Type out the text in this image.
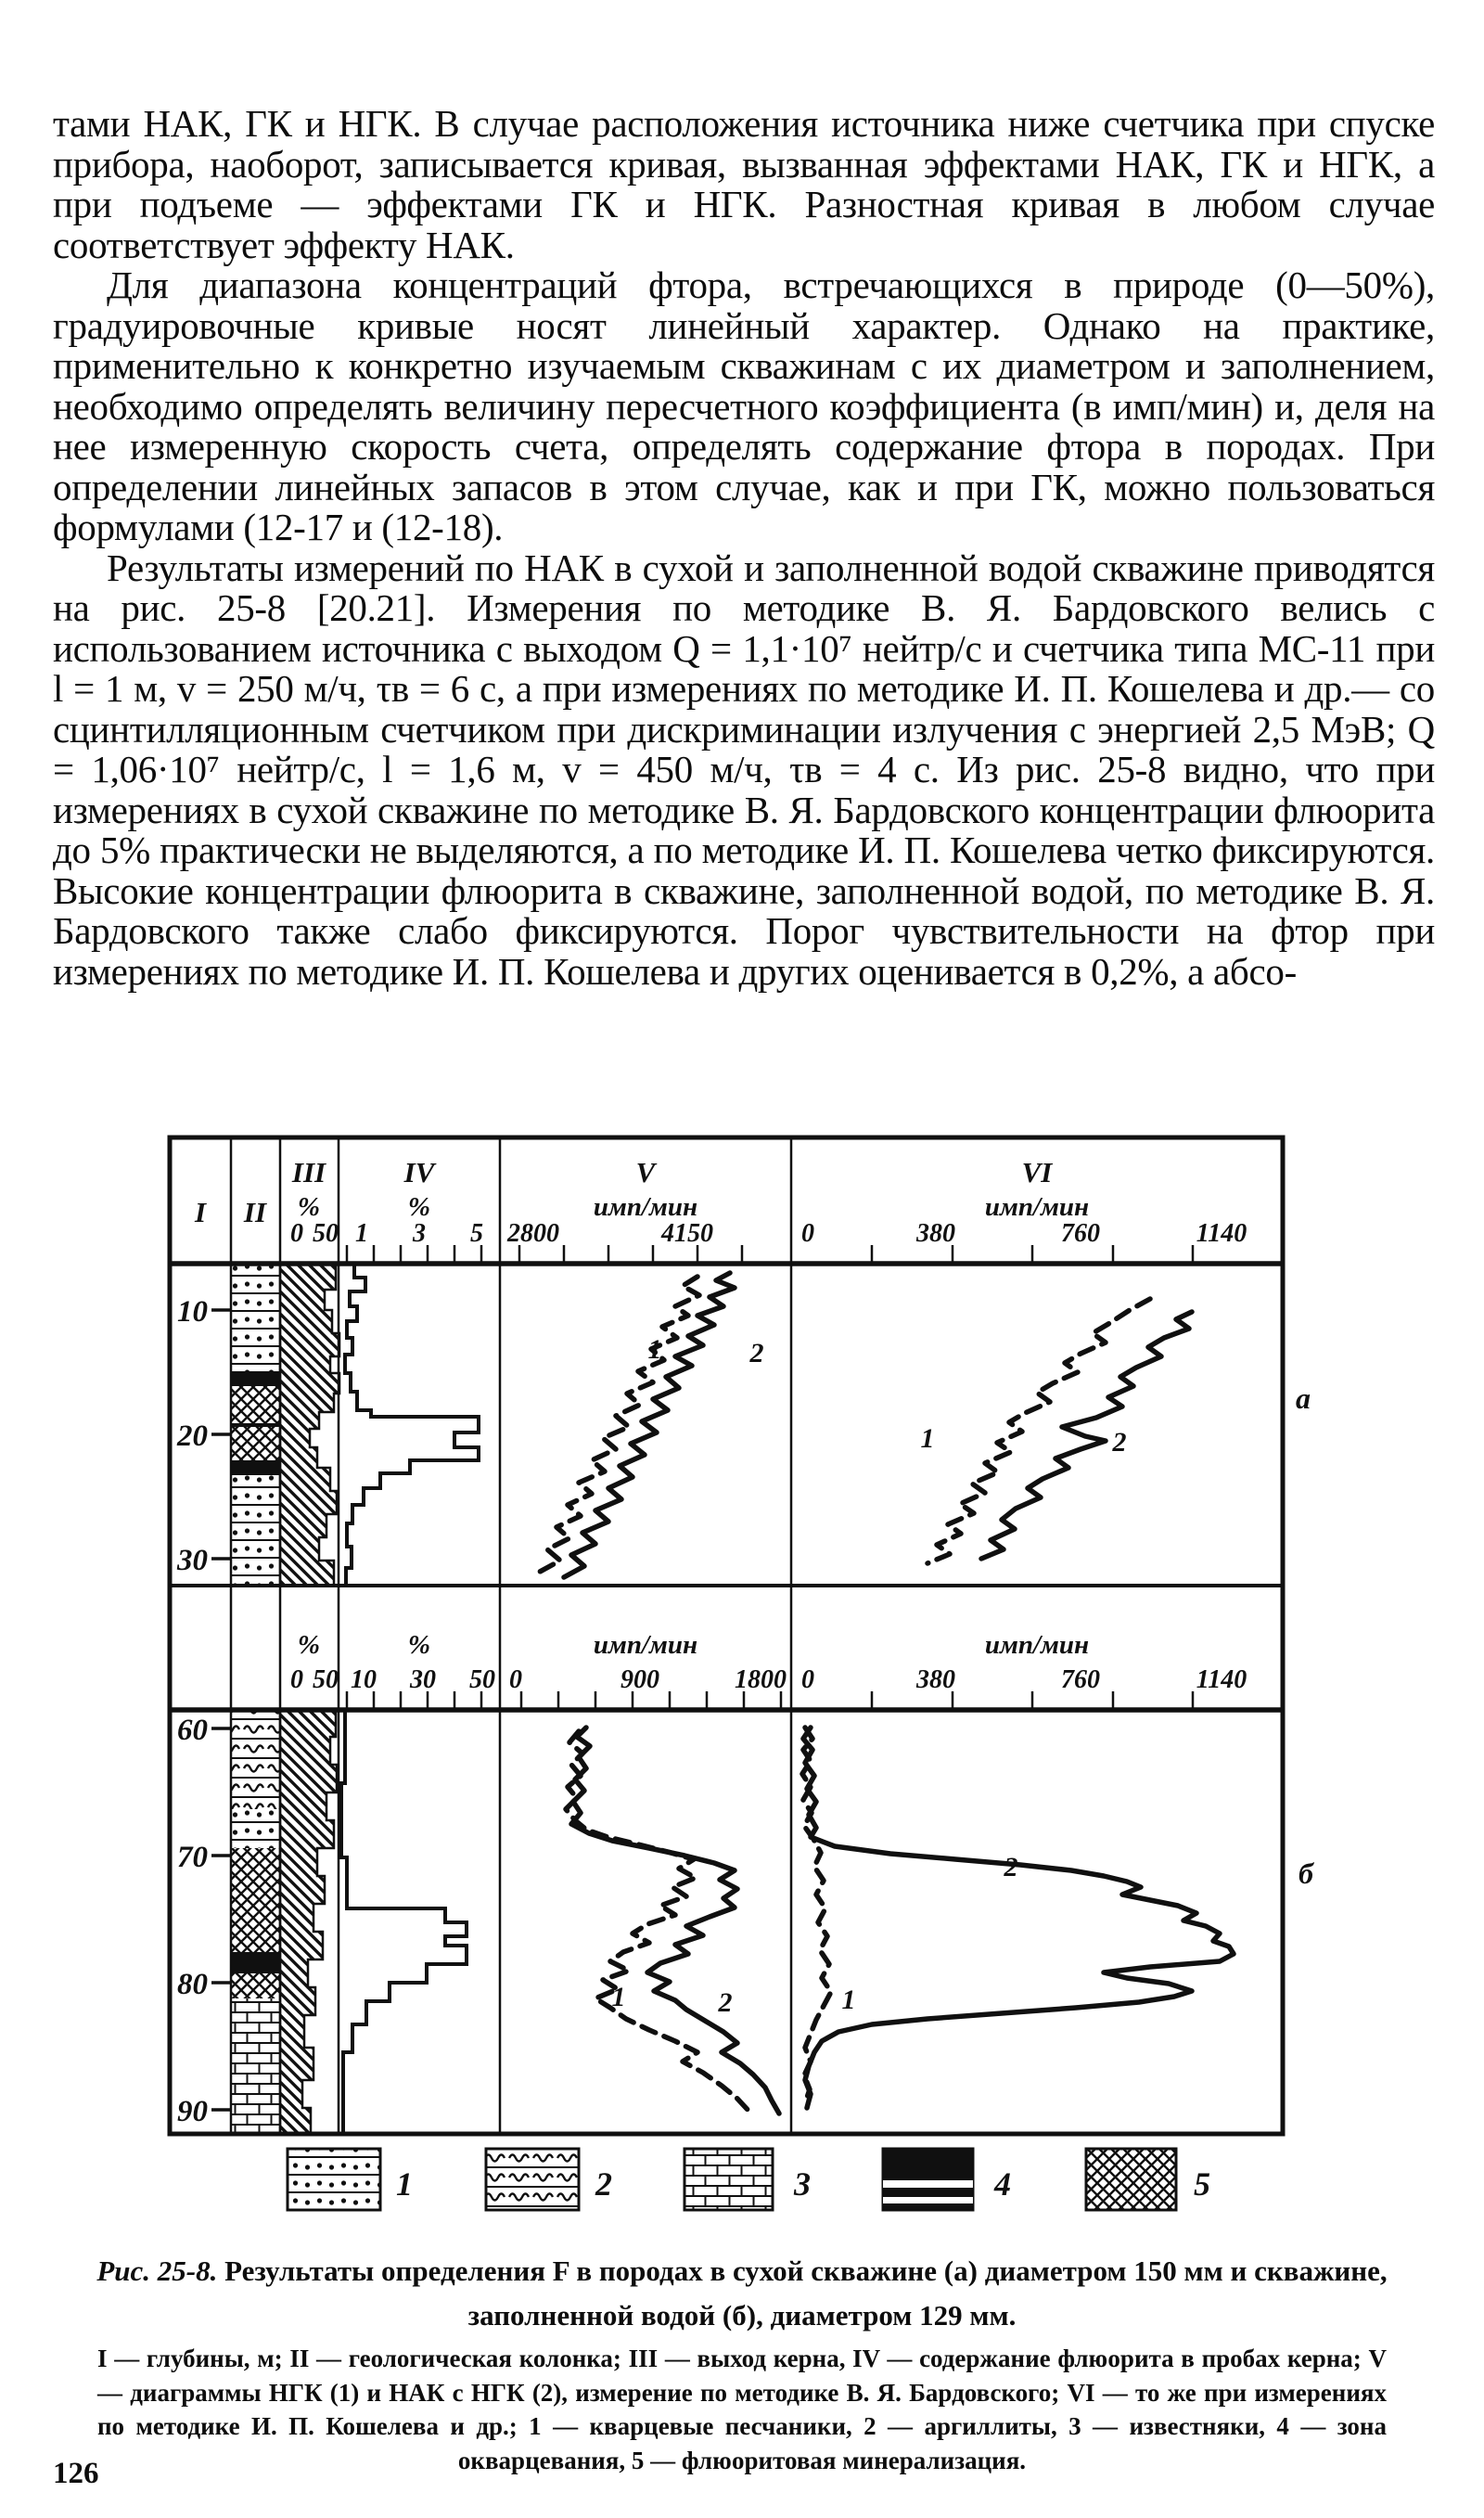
тами НАК, ГК и НГК. В случае расположения источника ниже счетчика при спуске прибора, наоборот, записывается кривая, вызванная эффектами НАК, ГК и НГК, а при подъеме — эффектами ГК и НГК. Разностная кривая в любом случае соответствует эффекту НАК.

Для диапазона концентраций фтора, встречающихся в природе (0—50%), градуировочные кривые носят линейный характер. Однако на практике, применительно к конкретно изучаемым скважинам с их диаметром и заполнением, необходимо определять величину пересчетного коэффициента (в имп/мин) и, деля на нее измеренную скорость счета, определять содержание фтора в породах. При определении линейных запасов в этом случае, как и при ГК, можно пользоваться формулами (12-17 и (12-18).

Результаты измерений по НАК в сухой и заполненной водой скважине приводятся на рис. 25-8 [20.21]. Измерения по методике В. Я. Бардовского велись с использованием источника с выходом Q = 1,1·10⁷ нейтр/с и счетчика типа МС-11 при l = 1 м, v = 250 м/ч, τв = 6 с, а при измерениях по методике И. П. Кошелева и др.— со сцинтилляционным счетчиком при дискриминации излучения с энергией 2,5 МэВ; Q = 1,06·10⁷ нейтр/с, l = 1,6 м, v = 450 м/ч, τв = 4 с. Из рис. 25-8 видно, что при измерениях в сухой скважине по методике В. Я. Бардовского концентрации флюорита до 5% практически не выделяются, а по методике И. П. Кошелева четко фиксируются. Высокие концентрации флюорита в скважине, заполненной водой, по методике В. Я. Бардовского также слабо фиксируются. Порог чувствительности на фтор при измерениях по методике И. П. Кошелева и других оценивается в 0,2%, а абсо-

I II
III
%
0 50
IV
%
1 3 5
V
имп/мин
2800	4150
VI
имп/мин
0	380	760	1140
%
0 50
%
10 30 50
имп/мин
0	900	1800
имп/мин
0	380	760	1140
10
20
30
60
70
80
90
1	2
1	2
1	2	1
2
а
б
1	2	3	4	5
Рис. 25-8. Результаты определения F в породах в сухой скважине (а) диаметром 150 мм и скважине, заполненной водой (б), диаметром 129 мм.
I — глубины, м; II — геологическая колонка; III — выход керна, IV — содержание флюорита в пробах керна; V — диаграммы НГК (1) и НАК с НГК (2), измерение по методике В. Я. Бардовского; VI — то же при измерениях по методике И. П. Кошелева и др.; 1 — кварцевые песчаники, 2 — аргиллиты, 3 — известняки, 4 — зона окварцевания, 5 — флюоритовая минерализация.
126
